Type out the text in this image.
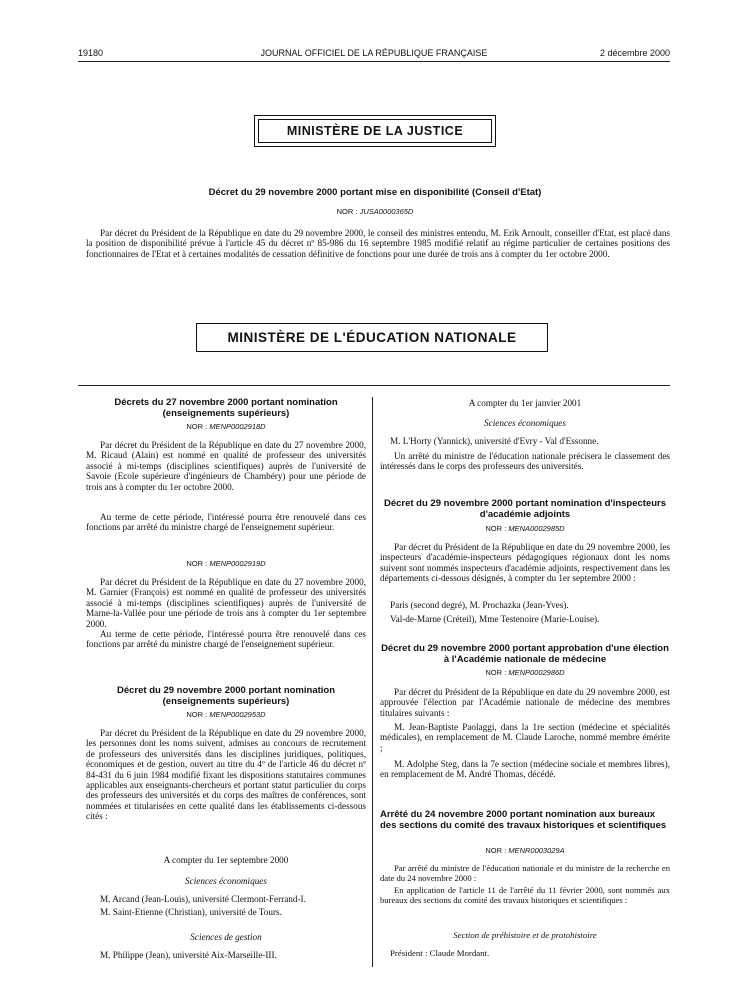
19180	JOURNAL OFFICIEL DE LA RÉPUBLIQUE FRANÇAISE	2 décembre 2000
MINISTÈRE DE LA JUSTICE
Décret du 29 novembre 2000 portant mise en disponibilité (Conseil d'Etat)
NOR : JUSA0000365D

Par décret du Président de la République en date du 29 novembre 2000, le conseil des ministres entendu, M. Erik Arnoult, conseiller d'Etat, est placé dans la position de disponibilité prévue à l'article 45 du décret nº 85-986 du 16 septembre 1985 modifié relatif au régime particulier de certaines positions des fonctionnaires de l'Etat et à certaines modalités de cessation définitive de fonctions pour une durée de trois ans à compter du 1er octobre 2000.

MINISTÈRE DE L'ÉDUCATION NATIONALE
Décrets du 27 novembre 2000 portant nomination (enseignements supérieurs)
NOR : MENP0002918D

Par décret du Président de la République en date du 27 novembre 2000, M. Ricaud (Alain) est nommé en qualité de professeur des universités associé à mi-temps (disciplines scientifiques) auprès de l'université de Savoie (Ecole supérieure d'ingénieurs de Chambéry) pour une période de trois ans à compter du 1er octobre 2000.

Au terme de cette période, l'intéressé pourra être renouvelé dans ces fonctions par arrêté du ministre chargé de l'enseignement supérieur.

NOR : MENP0002919D

Par décret du Président de la République en date du 27 novembre 2000, M. Garnier (François) est nommé en qualité de professeur des universités associé à mi-temps (disciplines scientifiques) auprès de l'université de Marne-la-Vallée pour une période de trois ans à compter du 1er septembre 2000.

Au terme de cette période, l'intéressé pourra être renouvelé dans ces fonctions par arrêté du ministre chargé de l'enseignement supérieur.

Décret du 29 novembre 2000 portant nomination (enseignements supérieurs)
NOR : MENP0002953D

Par décret du Président de la République en date du 29 novembre 2000, les personnes dont les noms suivent, admises au concours de recrutement de professeurs des universités dans les disciplines juridiques, politiques, économiques et de gestion, ouvert au titre du 4º de l'article 46 du décret nº 84-431 du 6 juin 1984 modifié fixant les dispositions statutaires communes applicables aux enseignants-chercheurs et portant statut particulier du corps des professeurs des universités et du corps des maîtres de conférences, sont nommées et titularisées en cette qualité dans les établissements ci-dessous cités :

A compter du 1er septembre 2000
Sciences économiques
M. Arcand (Jean-Louis), université Clermont-Ferrand-I.
M. Saint-Etienne (Christian), université de Tours.
Sciences de gestion
M. Philippe (Jean), université Aix-Marseille-III.
A compter du 1er janvier 2001
Sciences économiques
M. L'Horty (Yannick), université d'Evry - Val d'Essonne.

Un arrêté du ministre de l'éducation nationale précisera le classement des intéressés dans le corps des professeurs des universités.

Décret du 29 novembre 2000 portant nomination d'inspecteurs d'académie adjoints
NOR : MENA0002985D

Par décret du Président de la République en date du 29 novembre 2000, les inspecteurs d'académie-inspecteurs pédagogiques régionaux dont les noms suivent sont nommés inspecteurs d'académie adjoints, respectivement dans les départements ci-dessous désignés, à compter du 1er septembre 2000 :

Paris (second degré), M. Prochazka (Jean-Yves).
Val-de-Marne (Créteil), Mme Testenoire (Marie-Louise).
Décret du 29 novembre 2000 portant approbation d'une élection à l'Académie nationale de médecine
NOR : MENP0002986D

Par décret du Président de la République en date du 29 novembre 2000, est approuvée l'élection par l'Académie nationale de médecine des membres titulaires suivants :

M. Jean-Baptiste Paolaggi, dans la 1re section (médecine et spécialités médicales), en remplacement de M. Claude Laroche, nommé membre émérite ;

M. Adolphe Steg, dans la 7e section (médecine sociale et membres libres), en remplacement de M. André Thomas, décédé.

Arrêté du 24 novembre 2000 portant nomination aux bureaux des sections du comité des travaux historiques et scientifiques
NOR : MENR0003029A

Par arrêté du ministre de l'éducation nationale et du ministre de la recherche en date du 24 novembre 2000 :

En application de l'article 11 de l'arrêté du 11 février 2000, sont nommés aux bureaux des sections du comité des travaux historiques et scientifiques :

Section de préhistoire et de protohistoire
Président : Claude Mordant.
